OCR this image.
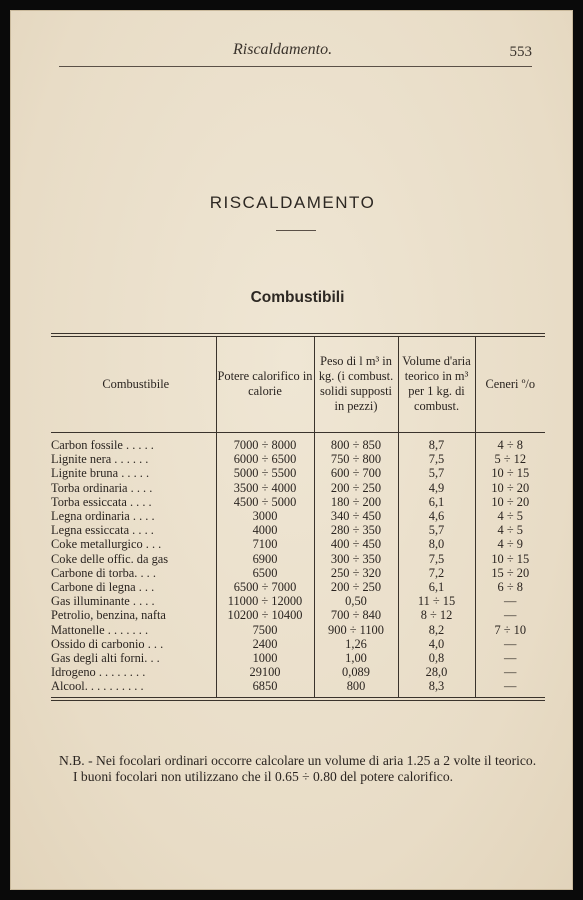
Riscaldamento.	553
RISCALDAMENTO
Combustibili
Combustibile	Potere calorifico in calorie	Peso di l m³ in kg. (i combust. solidi supposti in pezzi)	Volume d'aria teorico in m³ per 1 kg. di combust.	Ceneri º/o
Carbon fossile . . . . .	7000 ÷ 8000	800 ÷ 850	8,7	4 ÷ 8
Lignite nera . . . . . .	6000 ÷ 6500	750 ÷ 800	7,5	5 ÷ 12
Lignite bruna . . . . .	5000 ÷ 5500	600 ÷ 700	5,7	10 ÷ 15
Torba ordinaria . . . .	3500 ÷ 4000	200 ÷ 250	4,9	10 ÷ 20
Torba essiccata . . . .	4500 ÷ 5000	180 ÷ 200	6,1	10 ÷ 20
Legna ordinaria . . . .	3000	340 ÷ 450	4,6	4 ÷ 5
Legna essiccata . . . .	4000	280 ÷ 350	5,7	4 ÷ 5
Coke metallurgico . . .	7100	400 ÷ 450	8,0	4 ÷ 9
Coke delle offic. da gas	6900	300 ÷ 350	7,5	10 ÷ 15
Carbone di torba. . . .	6500	250 ÷ 320	7,2	15 ÷ 20
Carbone di legna . . .	6500 ÷ 7000	200 ÷ 250	6,1	6 ÷ 8
Gas illuminante . . . .	11000 ÷ 12000	0,50	11 ÷ 15	—
Petrolio, benzina, nafta	10200 ÷ 10400	700 ÷ 840	8 ÷ 12	—
Mattonelle . . . . . . .	7500	900 ÷ 1100	8,2	7 ÷ 10
Ossido di carbonio . . .	2400	1,26	4,0	—
Gas degli alti forni. . .	1000	1,00	0,8	—
Idrogeno . . . . . . . .	29100	0,089	28,0	—
Alcool. . . . . . . . . .	6850	800	8,3	—

N.B. - Nei focolari ordinari occorre calcolare un volume di aria 1.25 a 2 volte il teorico.

I buoni focolari non utilizzano che il 0.65 ÷ 0.80 del potere calorifico.
